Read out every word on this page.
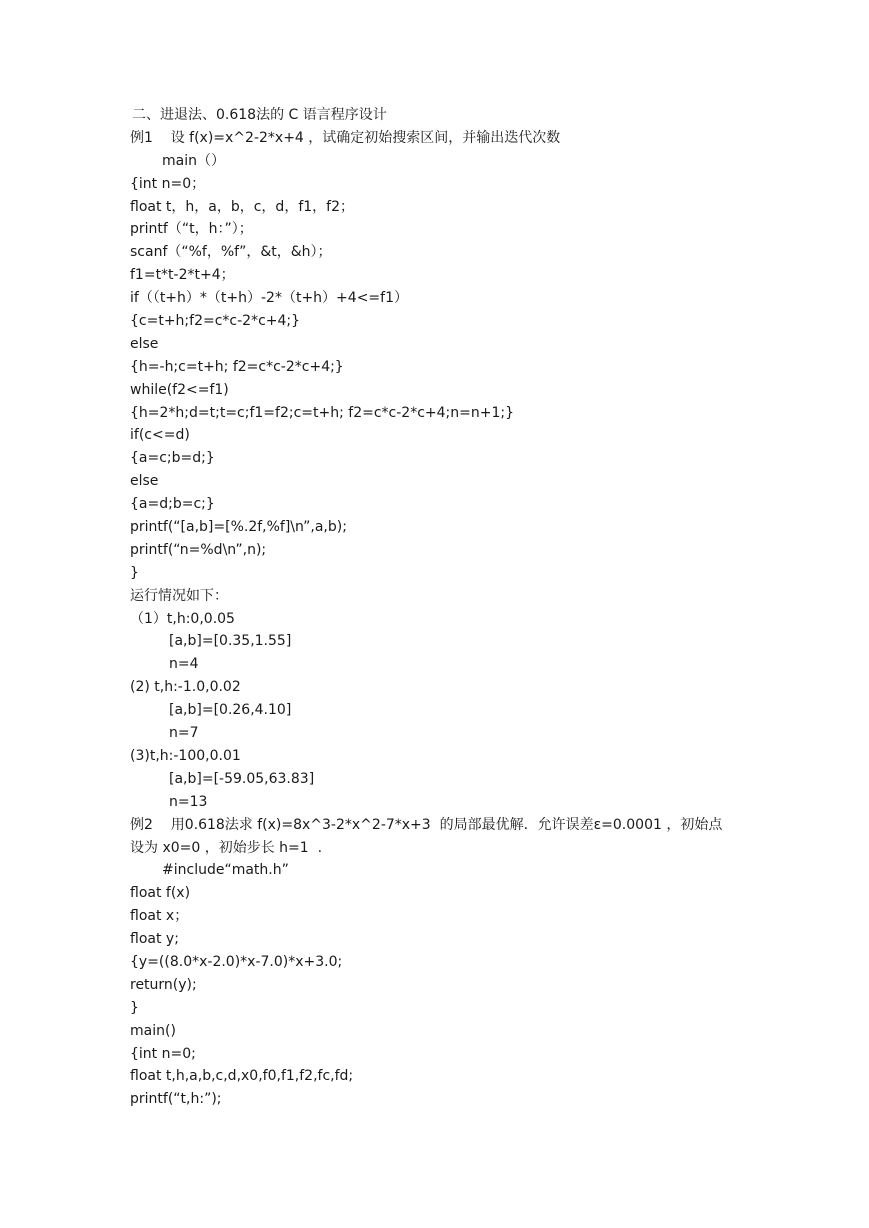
二、进退法、0.618法的 C 语言程序设计
例1    设 f(x)=x^2-2*x+4 ，试确定初始搜索区间，并输出迭代次数
main（）
{int n=0；
float t，h，a，b，c，d，f1，f2；
printf（“t，h：”）；
scanf（“%f，%f”，&t，&h）；
f1=t*t-2*t+4；
if（（t+h）*（t+h）-2*（t+h）+4<=f1）
{c=t+h;f2=c*c-2*c+4;}
else
{h=-h;c=t+h; f2=c*c-2*c+4;}
while(f2<=f1)
{h=2*h;d=t;t=c;f1=f2;c=t+h; f2=c*c-2*c+4;n=n+1;}
if(c<=d)
{a=c;b=d;}
else
{a=d;b=c;}
printf(“[a,b]=[%.2f,%f]\n”,a,b);
printf(“n=%d\n”,n);
}
运行情况如下：
（1）t,h:0,0.05
[a,b]=[0.35,1.55]
n=4
(2) t,h:-1.0,0.02
[a,b]=[0.26,4.10]
n=7
(3)t,h:-100,0.01
[a,b]=[-59.05,63.83]
n=13
例2    用0.618法求 f(x)=8x^3-2*x^2-7*x+3  的局部最优解．允许误差ε=0.0001 ，初始点
设为 x0=0 ，初始步长 h=1  .
#include“math.h”
float f(x)
float x；
float y;
{y=((8.0*x-2.0)*x-7.0)*x+3.0;
return(y);
}
main()
{int n=0;
float t,h,a,b,c,d,x0,f0,f1,f2,fc,fd;
printf(“t,h:”);
